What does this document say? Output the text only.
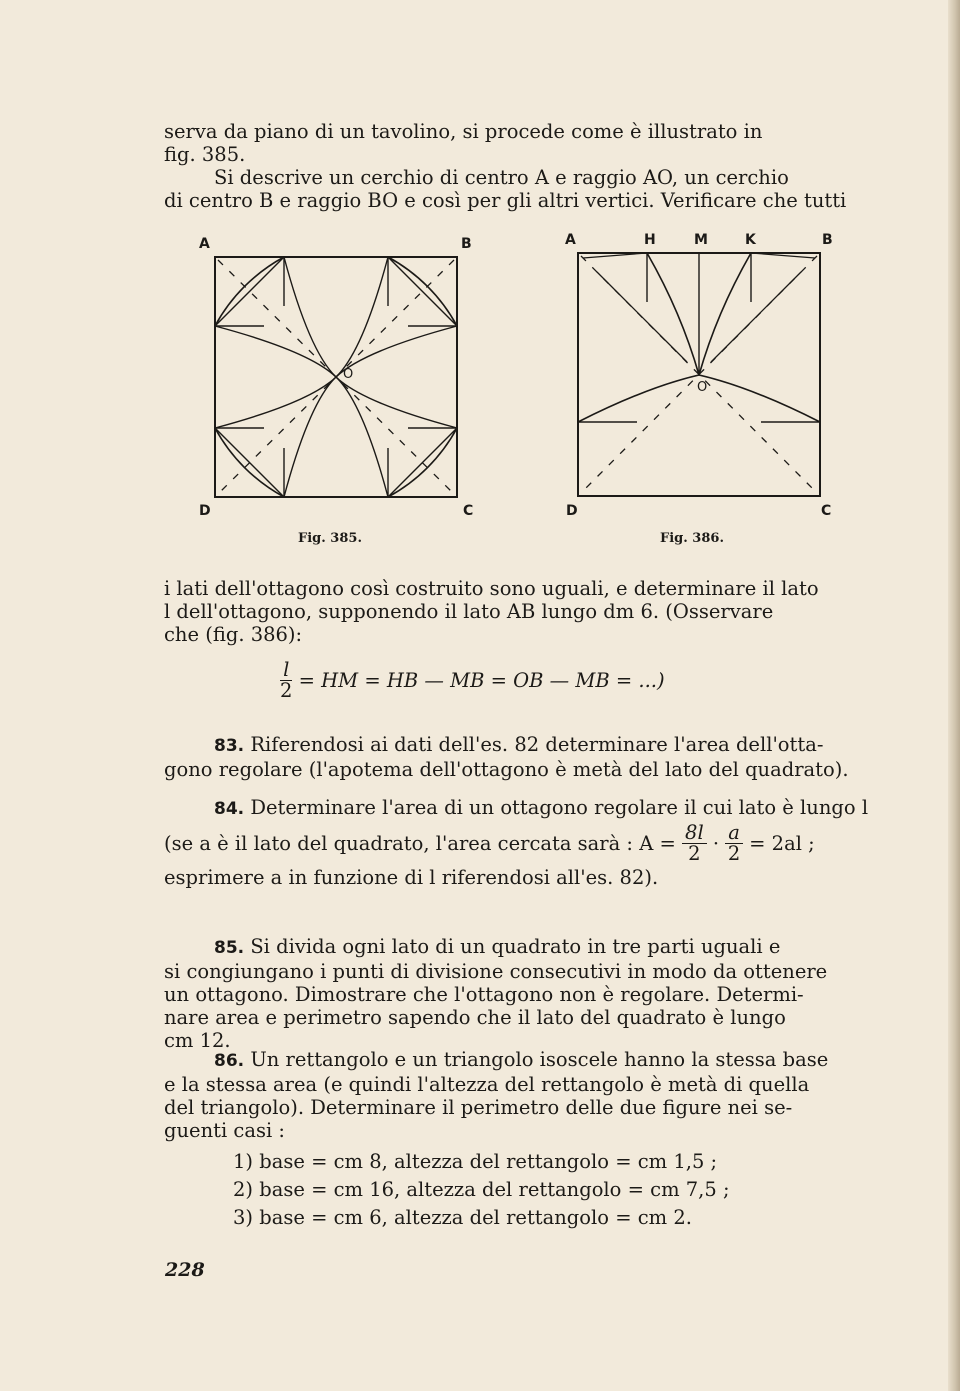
serva da piano di un tavolino, si procede come è illustrato in
fig. 385.
Si descrive un cerchio di centro A e raggio AO, un cerchio
di centro B e raggio BO e così per gli altri vertici. Verificare che tutti
A	B
D	C
O
Fig. 385.
A	H	M	K	B
D	C
O
Fig. 386.
i lati dell'ottagono così costruito sono uguali, e determinare il lato
l dell'ottagono, supponendo il lato AB lungo dm 6. (Osservare
che (fig. 386):
$\frac{l}{2}$ = HM = HB — MB = OB — MB = ...)
83. Riferendosi ai dati dell'es. 82 determinare l'area dell'otta-
gono regolare (l'apotema dell'ottagono è metà del lato del quadrato).
84. Determinare l'area di un ottagono regolare il cui lato è lungo l
(se a è il lato del quadrato, l'area cercata sarà : $A = \frac{8l}{2} \cdot \frac{a}{2} = 2al$ ;
esprimere a in funzione di l riferendosi all'es. 82).
85. Si divida ogni lato di un quadrato in tre parti uguali e
si congiungano i punti di divisione consecutivi in modo da ottenere
un ottagono. Dimostrare che l'ottagono non è regolare. Determi-
nare area e perimetro sapendo che il lato del quadrato è lungo
cm 12.
86. Un rettangolo e un triangolo isoscele hanno la stessa base
e la stessa area (e quindi l'altezza del rettangolo è metà di quella
del triangolo). Determinare il perimetro delle due figure nei se-
guenti casi :
1) base = cm 8, altezza del rettangolo = cm 1,5 ;
2) base = cm 16, altezza del rettangolo = cm 7,5 ;
3) base = cm 6, altezza del rettangolo = cm 2.
228
